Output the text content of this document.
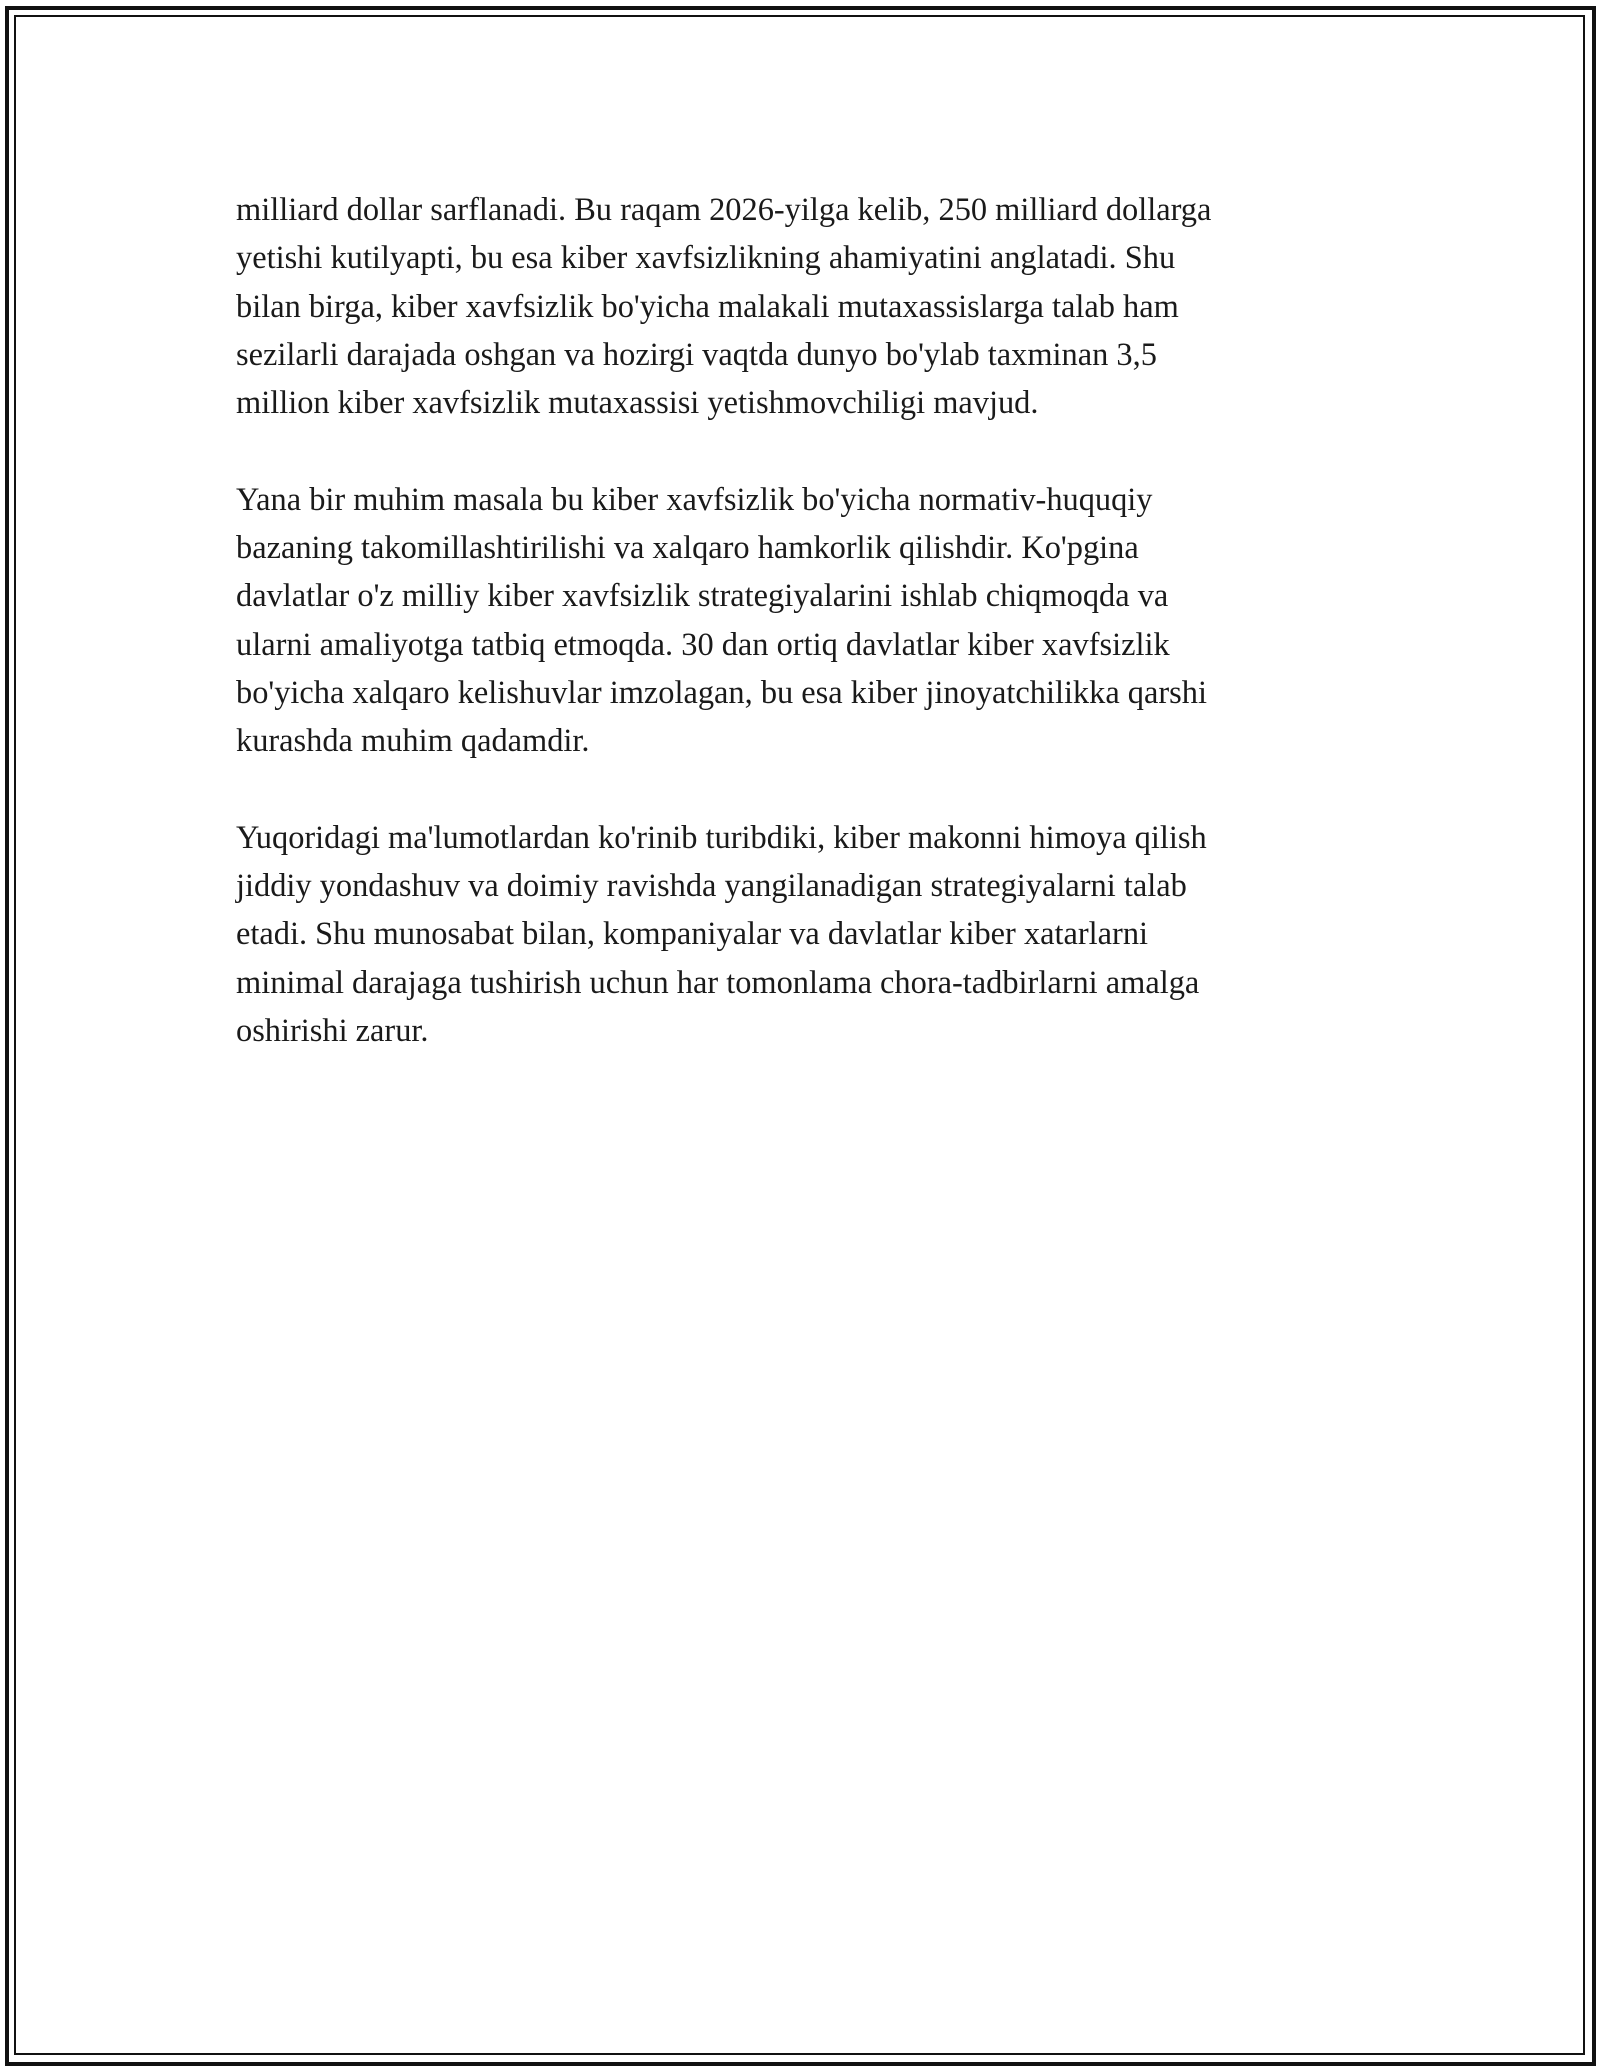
milliard dollar sarflanadi. Bu raqam 2026-yilga kelib, 250 milliard dollarga
yetishi kutilyapti, bu esa kiber xavfsizlikning ahamiyatini anglatadi. Shu
bilan birga, kiber xavfsizlik bo'yicha malakali mutaxassislarga talab ham
sezilarli darajada oshgan va hozirgi vaqtda dunyo bo'ylab taxminan 3,5
million kiber xavfsizlik mutaxassisi yetishmovchiligi mavjud.

Yana bir muhim masala bu kiber xavfsizlik bo'yicha normativ-huquqiy
bazaning takomillashtirilishi va xalqaro hamkorlik qilishdir. Ko'pgina
davlatlar o'z milliy kiber xavfsizlik strategiyalarini ishlab chiqmoqda va
ularni amaliyotga tatbiq etmoqda. 30 dan ortiq davlatlar kiber xavfsizlik
bo'yicha xalqaro kelishuvlar imzolagan, bu esa kiber jinoyatchilikka qarshi
kurashda muhim qadamdir.

Yuqoridagi ma'lumotlardan ko'rinib turibdiki, kiber makonni himoya qilish
jiddiy yondashuv va doimiy ravishda yangilanadigan strategiyalarni talab
etadi. Shu munosabat bilan, kompaniyalar va davlatlar kiber xatarlarni
minimal darajaga tushirish uchun har tomonlama chora-tadbirlarni amalga
oshirishi zarur.
